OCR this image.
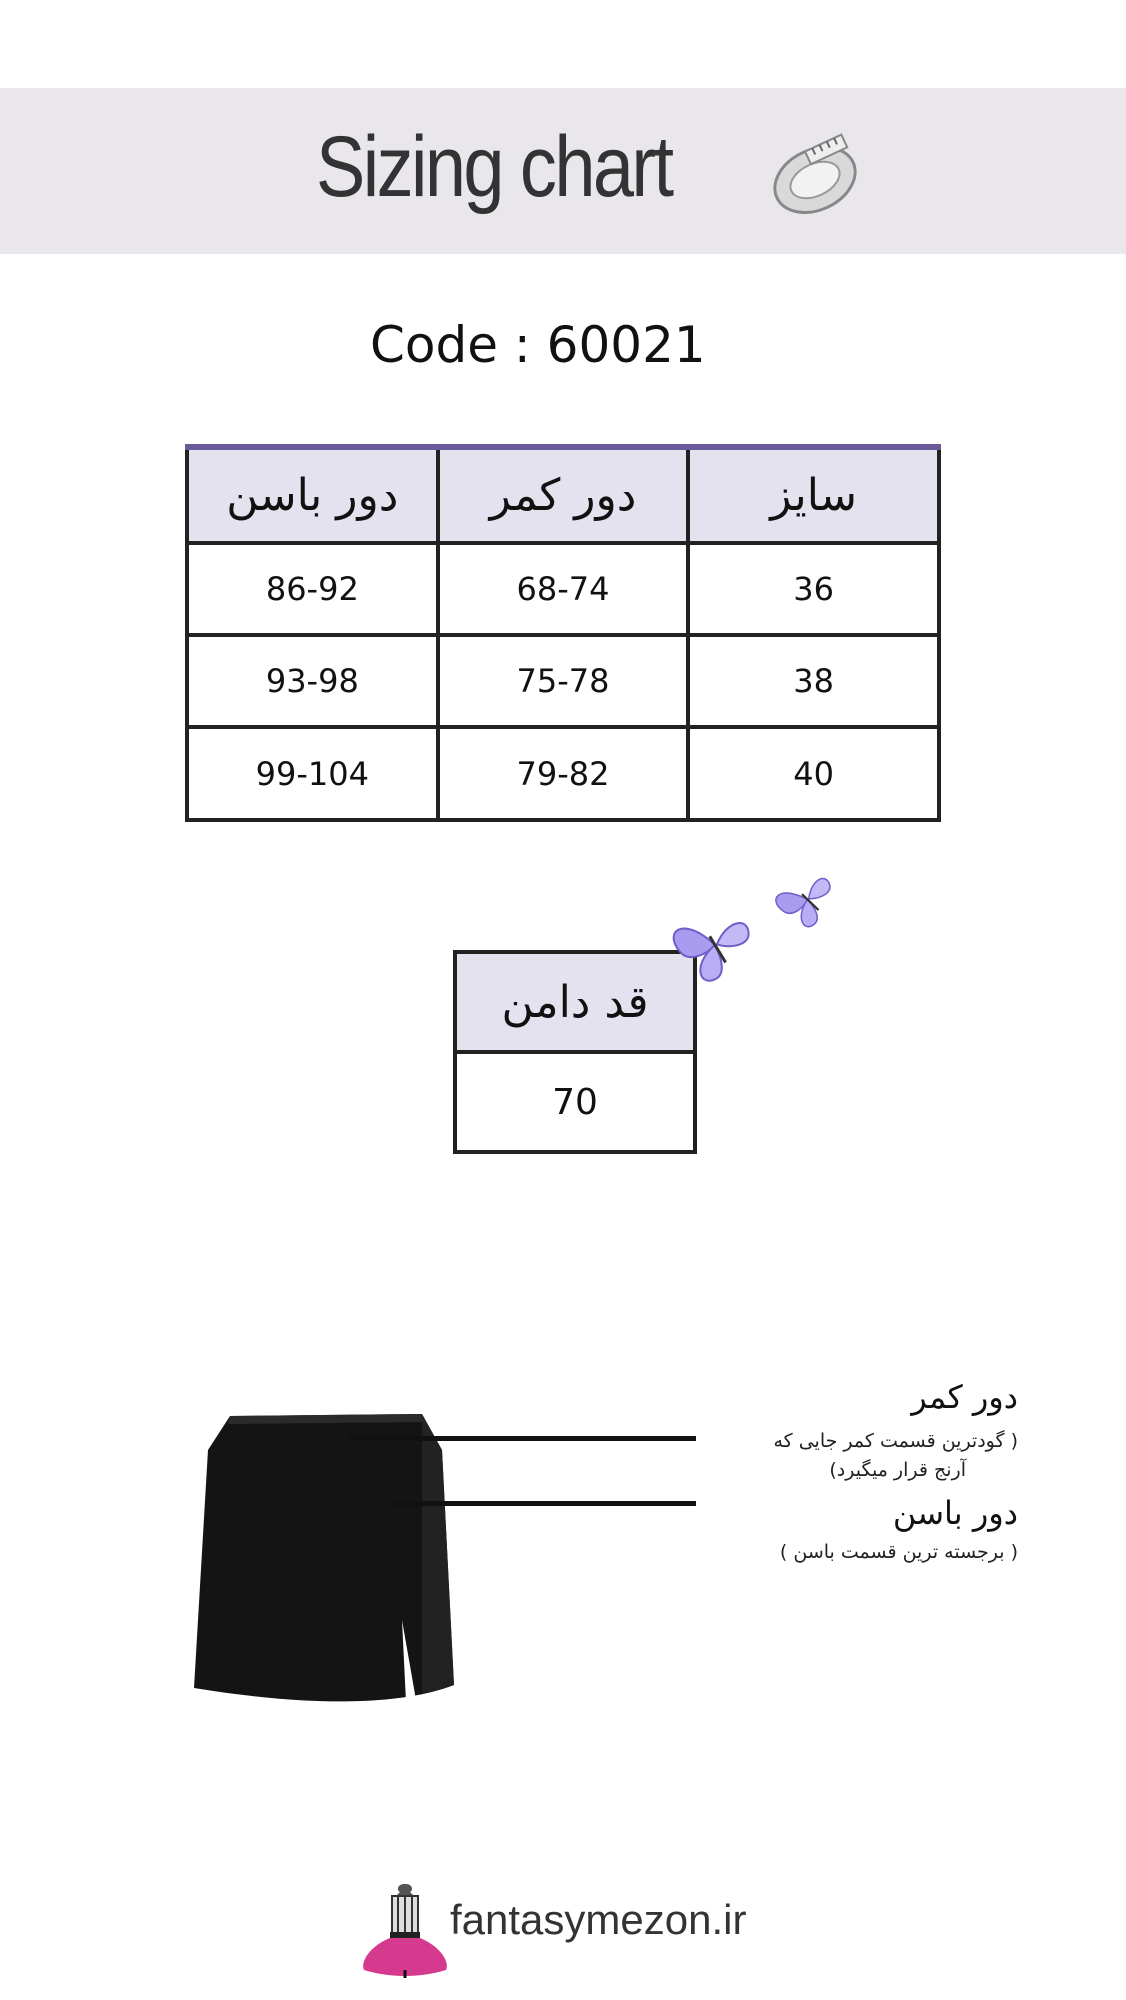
Sizing chart
Code : 60021
دور باسن	دور کمر	سایز
86-92	68-74	36
93-98	75-78	38
99-104	79-82	40
قد دامن
70
دور کمر
( گودترین قسمت کمر جایی که
آرنج قرار میگیرد)
دور باسن
( برجسته ترین قسمت باسن )
fantasymezon.ir
